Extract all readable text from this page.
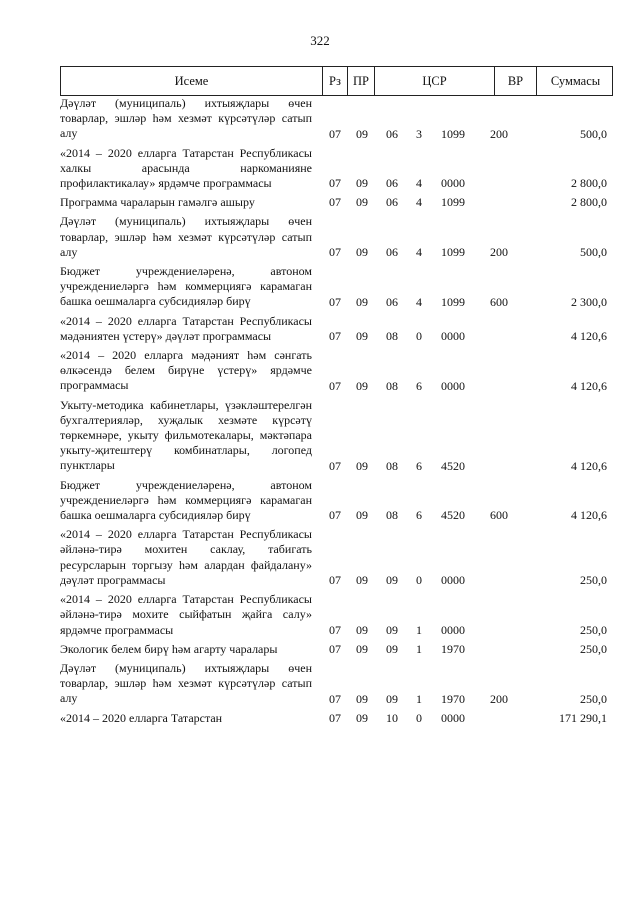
322
Исеме	Рз ПР	ЦСР	ВР	Суммасы
Дәүләт (муниципаль) ихтыяҗлары өчен товарлар, эшләр һәм хезмәт күрсәтүләр сатып алу	07	09	06	3	1099	200	500,0
«2014 – 2020 елларга Татарстан Республикасы халкы арасында наркоманияне профилактикалау» ярдәмче программасы	07	09	06	4	0000	2 800,0
Программа чараларын гамәлгә ашыру	07	09	06	4	1099	2 800,0
Дәүләт (муниципаль) ихтыяҗлары өчен товарлар, эшләр һәм хезмәт күрсәтүләр сатып алу	07	09	06	4	1099	200	500,0
Бюджет учреждениеләренә, автоном учреждениеләргә һәм коммерциягә карамаган башка оешмаларга субсидияләр бирү	07	09	06	4	1099	600	2 300,0
«2014 – 2020 елларга Татарстан Республикасы мәдәниятен үстерү» дәүләт программасы	07	09	08	0	0000	4 120,6
«2014 – 2020 елларга мәдәният һәм сәнгать өлкәсендә белем бирүне үстерү» ярдәмче программасы	07	09	08	6	0000	4 120,6
Укыту-методика кабинетлары, үзәкләштерелгән бухгалтерияләр, хуҗалык хезмәте күрсәтү төркемнәре, укыту фильмотекалары, мәктәпара укыту-җитештерү комбинатлары, логопед пунктлары	07	09	08	6	4520	4 120,6
Бюджет учреждениеләренә, автоном учреждениеләргә һәм коммерциягә карамаган башка оешмаларга субсидияләр бирү	07	09	08	6	4520	600	4 120,6
«2014 – 2020 елларга Татарстан Республикасы әйләнә-тирә мохитен саклау, табигать ресурсларын торгызу һәм алардан файдалану» дәүләт программасы	07	09	09	0	0000	250,0
«2014 – 2020 елларга Татарстан Республикасы әйләнә-тирә мохите сыйфатын җайга салу» ярдәмче программасы	07	09	09	1	0000	250,0
Экологик белем бирү һәм агарту чаралары	07	09	09	1	1970	250,0
Дәүләт (муниципаль) ихтыяҗлары өчен товарлар, эшләр һәм хезмәт күрсәтүләр сатып алу	07	09	09	1	1970	200	250,0
«2014 – 2020 елларга Татарстан	07	09	10	0	0000	171 290,1
